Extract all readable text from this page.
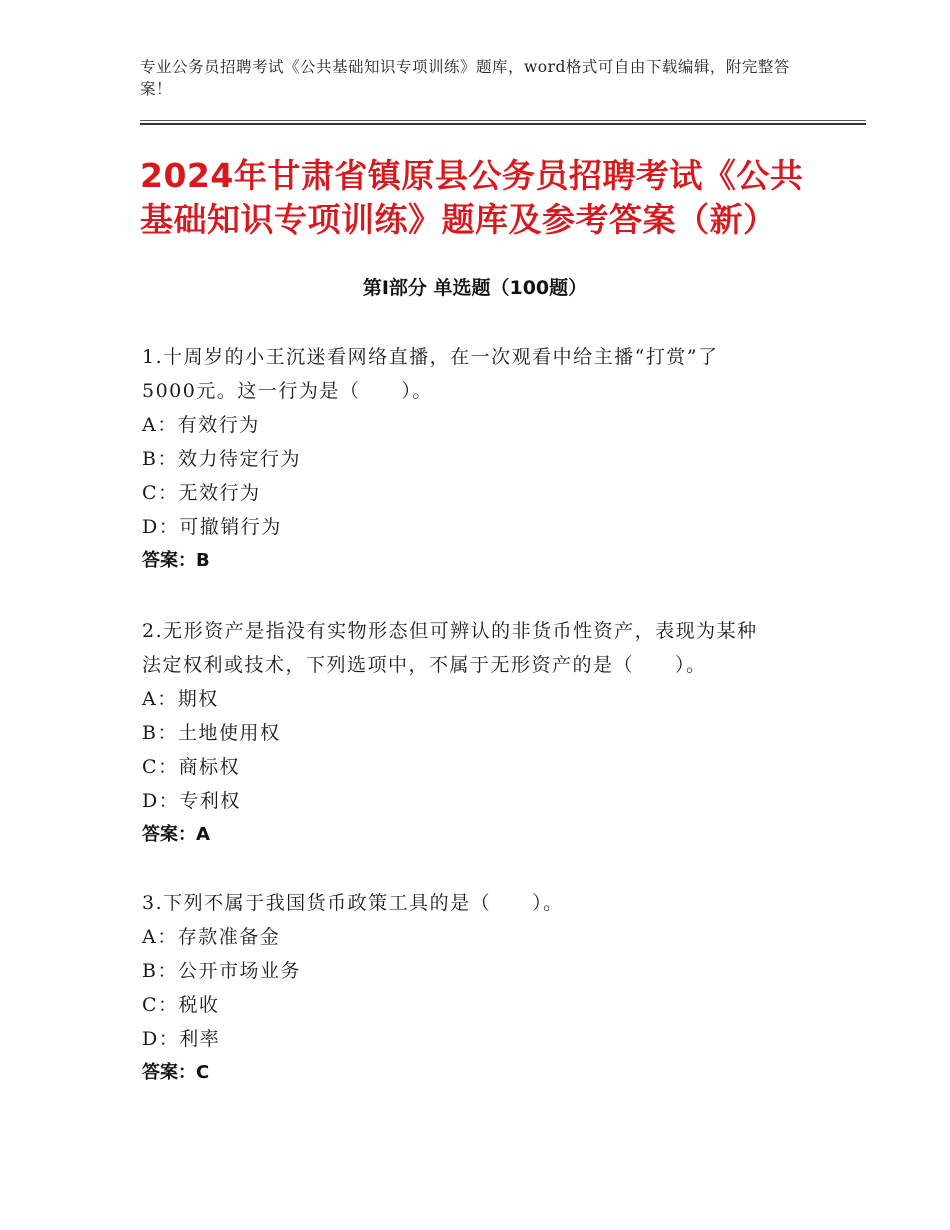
专业公务员招聘考试《公共基础知识专项训练》题库，word格式可自由下载编辑，附完整答案！
2024年甘肃省镇原县公务员招聘考试《公共
基础知识专项训练》题库及参考答案（新）
第Ⅰ部分 单选题（100题）
1.十周岁的小王沉迷看网络直播，在一次观看中给主播“打赏”了
5000元。这一行为是（　　）。
A：有效行为
B：效力待定行为
C：无效行为
D：可撤销行为
答案：B
2.无形资产是指没有实物形态但可辨认的非货币性资产，表现为某种
法定权利或技术，下列选项中，不属于无形资产的是（　　）。
A：期权
B：土地使用权
C：商标权
D：专利权
答案：A
3.下列不属于我国货币政策工具的是（　　）。
A：存款准备金
B：公开市场业务
C：税收
D：利率
答案：C
